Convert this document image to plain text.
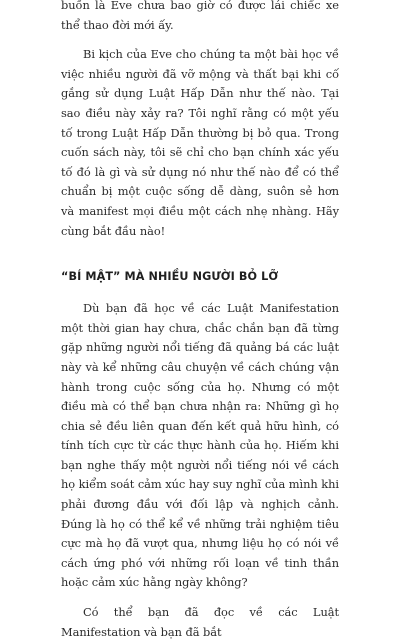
buồn là Eve chưa bao giờ có được lái chiếc xe thể thao đời mới ấy.

Bi kịch của Eve cho chúng ta một bài học về việc nhiều người đã vỡ mộng và thất bại khi cố gắng sử dụng Luật Hấp Dẫn như thế nào. Tại sao điều này xảy ra? Tôi nghĩ rằng có một yếu tố trong Luật Hấp Dẫn thường bị bỏ qua. Trong cuốn sách này, tôi sẽ chỉ cho bạn chính xác yếu tố đó là gì và sử dụng nó như thế nào để có thể chuẩn bị một cuộc sống dễ dàng, suôn sẻ hơn và manifest mọi điều một cách nhẹ nhàng. Hãy cùng bắt đầu nào!

“BÍ MẬT” MÀ NHIỀU NGƯỜI BỎ LỠ

Dù bạn đã học về các Luật Manifestation một thời gian hay chưa, chắc chắn bạn đã từng gặp những người nổi tiếng đã quảng bá các luật này và kể những câu chuyện về cách chúng vận hành trong cuộc sống của họ. Nhưng có một điều mà có thể bạn chưa nhận ra: Những gì họ chia sẻ đều liên quan đến kết quả hữu hình, có tính tích cực từ các thực hành của họ. Hiếm khi bạn nghe thấy một người nổi tiếng nói về cách họ kiểm soát cảm xúc hay suy nghĩ của mình khi phải đương đầu với đối lập và nghịch cảnh. Đúng là họ có thể kể về những trải nghiệm tiêu cực mà họ đã vượt qua, nhưng liệu họ có nói về cách ứng phó với những rối loạn về tinh thần hoặc cảm xúc hằng ngày không?

Có thể bạn đã đọc về các Luật Manifestation và bạn đã bắt
